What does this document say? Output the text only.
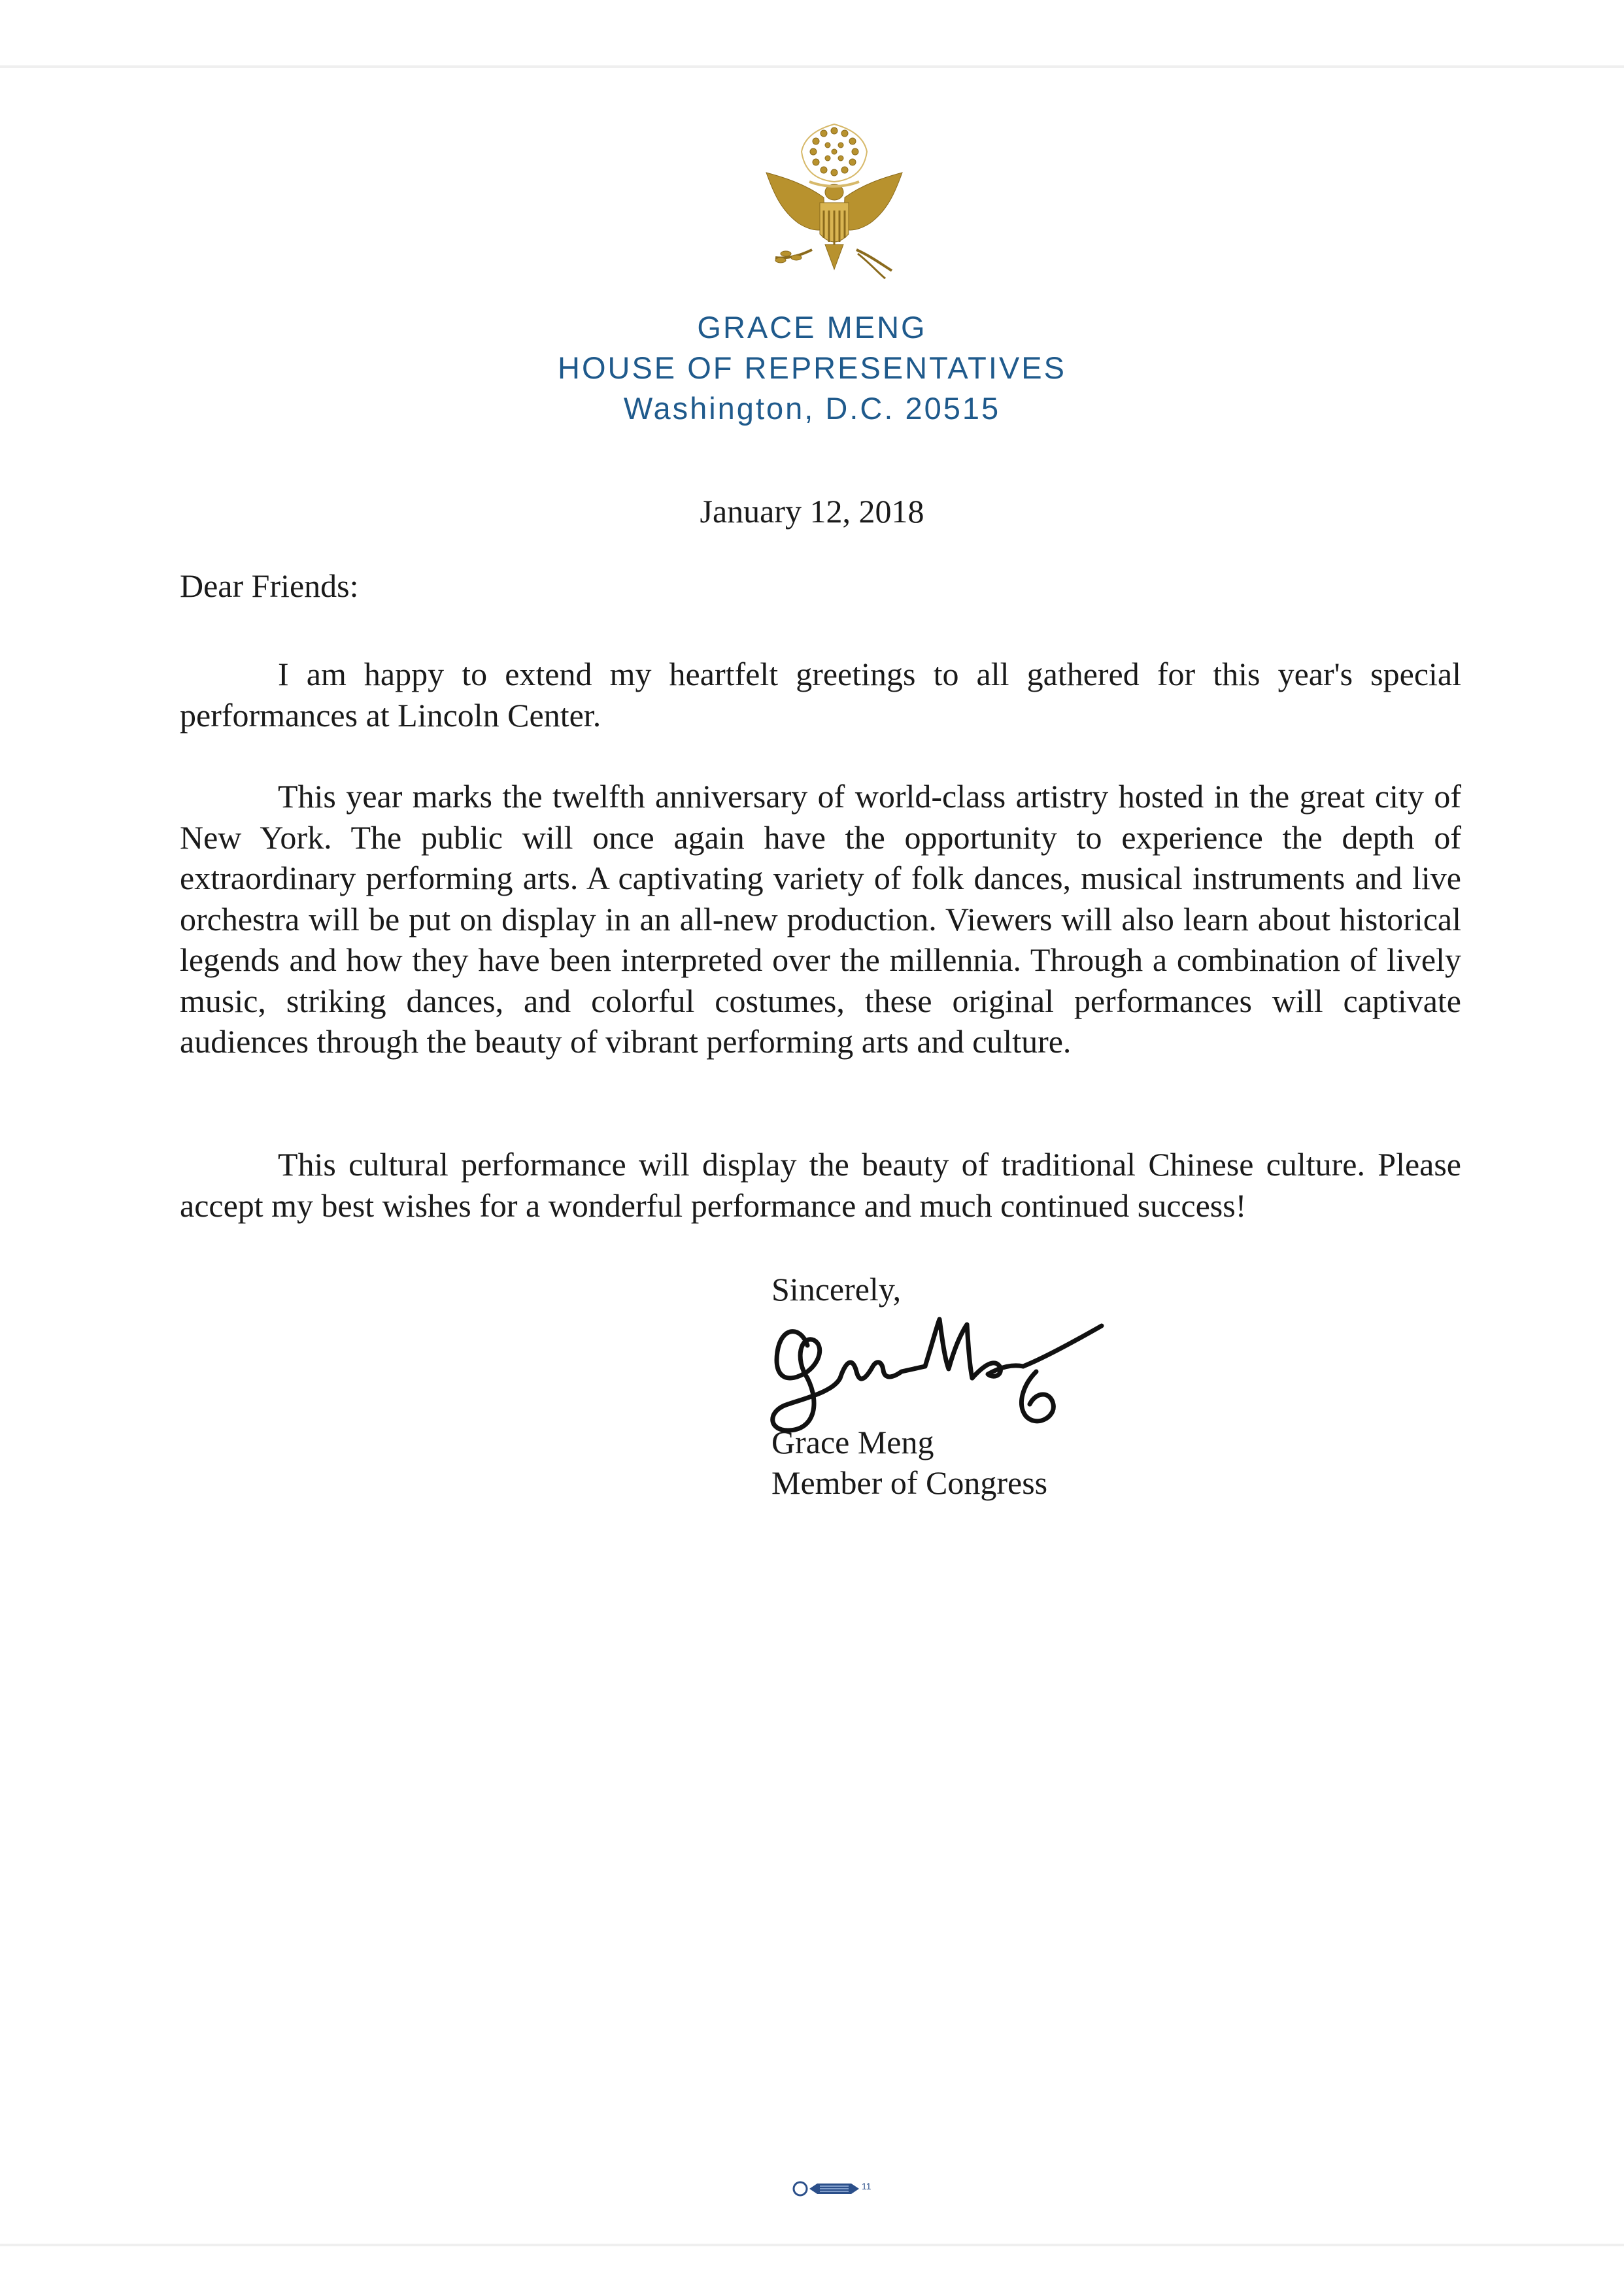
GRACE MENG
HOUSE OF REPRESENTATIVES
Washington, D.C. 20515
January 12, 2018
Dear Friends:

I am happy to extend my heartfelt greetings to all gathered for this year's special performances at Lincoln Center.

This year marks the twelfth anniversary of world-class artistry hosted in the great city of New York. The public will once again have the opportunity to experience the depth of extraordinary performing arts. A captivating variety of folk dances, musical instruments and live orchestra will be put on display in an all-new production. Viewers will also learn about historical legends and how they have been interpreted over the millennia. Through a combination of lively music, striking dances, and colorful costumes, these original performances will captivate audiences through the beauty of vibrant performing arts and culture.

This cultural performance will display the beauty of traditional Chinese culture. Please accept my best wishes for a wonderful performance and much continued success!

Sincerely,
Grace Meng
Member of Congress
11
